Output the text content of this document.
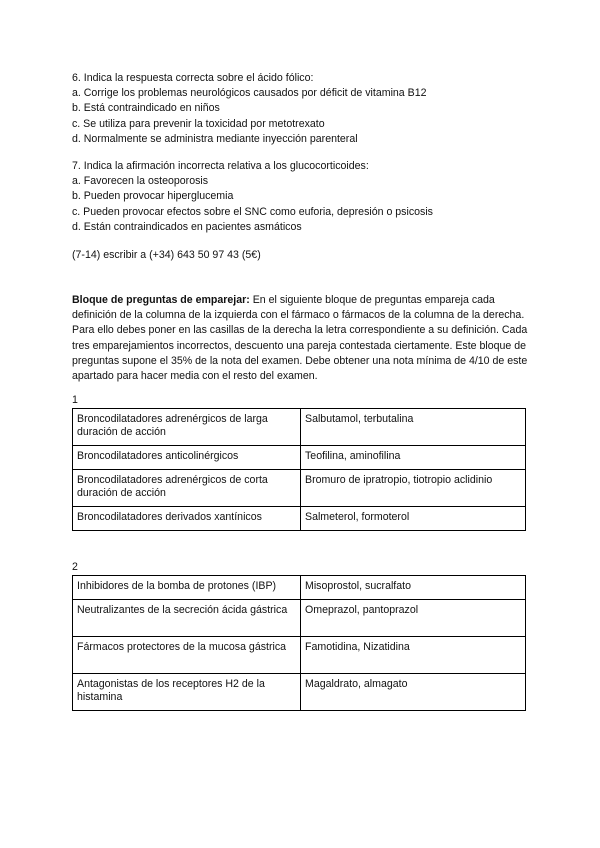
6. Indica la respuesta correcta sobre el ácido fólico:
a. Corrige los problemas neurológicos causados por déficit de vitamina B12
b. Está contraindicado en niños
c. Se utiliza para prevenir la toxicidad por metotrexato
d. Normalmente se administra mediante inyección parenteral
7. Indica la afirmación incorrecta relativa a los glucocorticoides:
a. Favorecen la osteoporosis
b. Pueden provocar hiperglucemia
c. Pueden provocar efectos sobre el SNC como euforia, depresión o psicosis
d. Están contraindicados en pacientes asmáticos
(7-14) escribir a (+34) 643 50 97 43 (5€)
Bloque de preguntas de emparejar: En el siguiente bloque de preguntas empareja cada definición de la columna de la izquierda con el fármaco o fármacos de la columna de la derecha. Para ello debes poner en las casillas de la derecha la letra correspondiente a su definición. Cada tres emparejamientos incorrectos, descuento una pareja contestada ciertamente. Este bloque de preguntas supone el 35% de la nota del examen. Debe obtener una nota mínima de 4/10 de este apartado para hacer media con el resto del examen.
1
Broncodilatadores adrenérgicos de larga duración de acción	Salbutamol, terbutalina
Broncodilatadores anticolinérgicos	Teofilina, aminofilina
Broncodilatadores adrenérgicos de corta duración de acción	Bromuro de ipratropio, tiotropio aclidinio
Broncodilatadores derivados xantínicos	Salmeterol, formoterol
2
Inhibidores de la bomba de protones (IBP)	Misoprostol, sucralfato
Neutralizantes de la secreción ácida gástrica	Omeprazol, pantoprazol
Fármacos protectores de la mucosa gástrica	Famotidina, Nizatidina
Antagonistas de los receptores H2 de la histamina	Magaldrato, almagato
